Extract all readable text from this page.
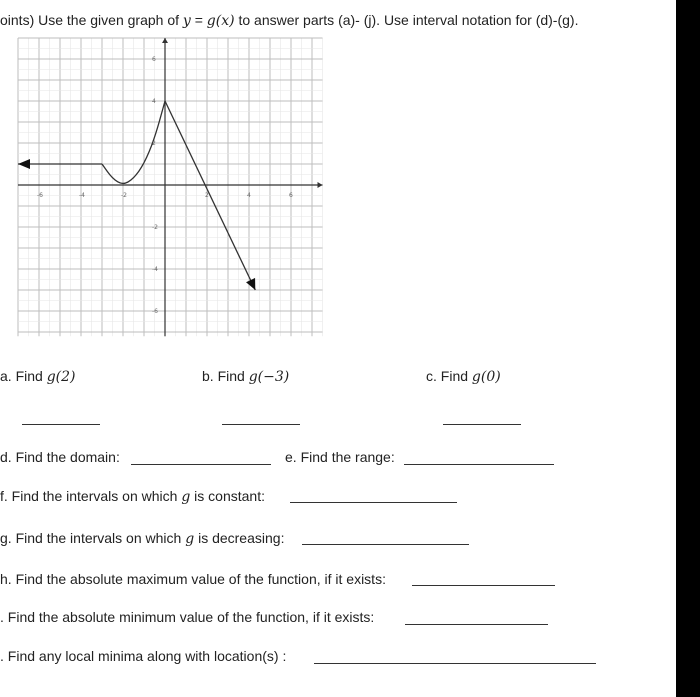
oints) Use the given graph of y = g(x) to answer parts (a)- (j). Use interval notation for (d)-(g).
-6	-4	-2	2	4	6
6
4
2
-2
-4
-6
a. Find g(2)	b. Find g(−3)	c. Find g(0)
d. Find the domain:	e. Find the range:
f. Find the intervals on which g is constant:
g. Find the intervals on which g is decreasing:
h. Find the absolute maximum value of the function, if it exists:
. Find the absolute minimum value of the function, if it exists:
. Find any local minima along with location(s) :
